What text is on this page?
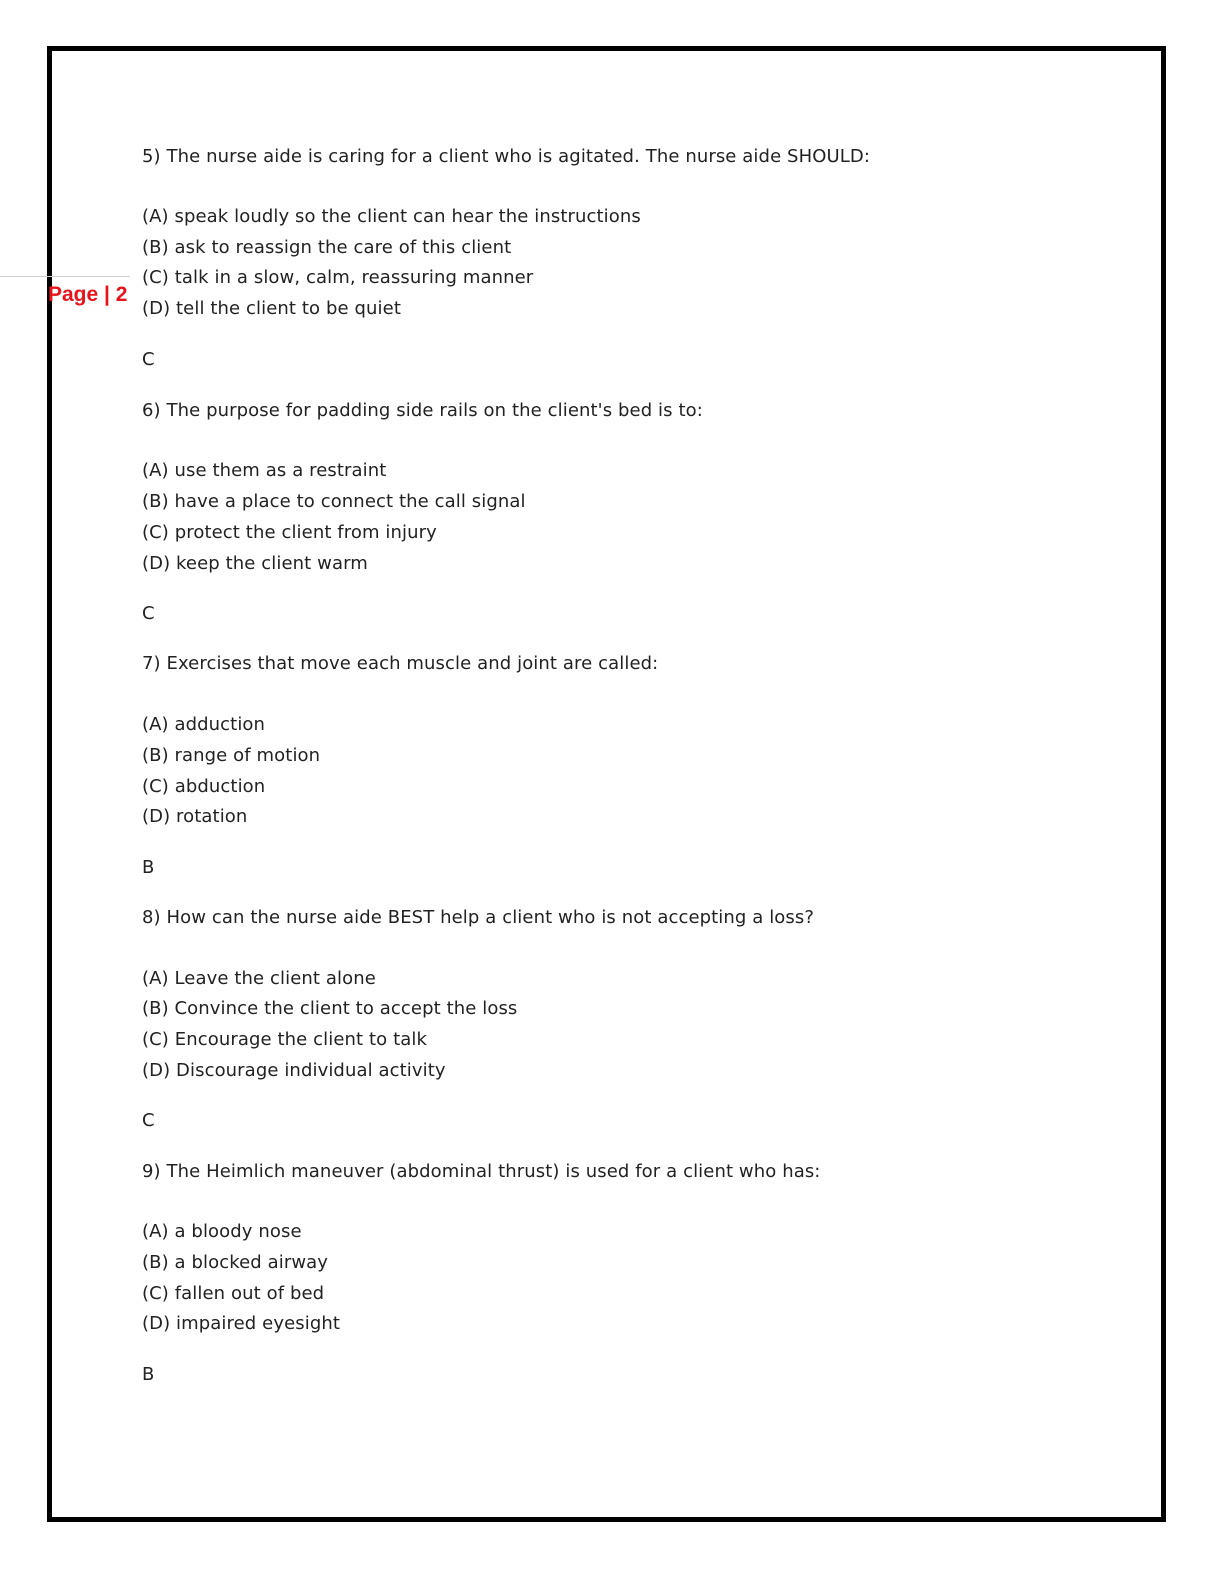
Page | 2
5) The nurse aide is caring for a client who is agitated. The nurse aide SHOULD:
(A) speak loudly so the client can hear the instructions
(B) ask to reassign the care of this client
(C) talk in a slow, calm, reassuring manner
(D) tell the client to be quiet
C
6) The purpose for padding side rails on the client's bed is to:
(A) use them as a restraint
(B) have a place to connect the call signal
(C) protect the client from injury
(D) keep the client warm
C
7) Exercises that move each muscle and joint are called:
(A) adduction
(B) range of motion
(C) abduction
(D) rotation
B
8) How can the nurse aide BEST help a client who is not accepting a loss?
(A) Leave the client alone
(B) Convince the client to accept the loss
(C) Encourage the client to talk
(D) Discourage individual activity
C
9) The Heimlich maneuver (abdominal thrust) is used for a client who has:
(A) a bloody nose
(B) a blocked airway
(C) fallen out of bed
(D) impaired eyesight
B
